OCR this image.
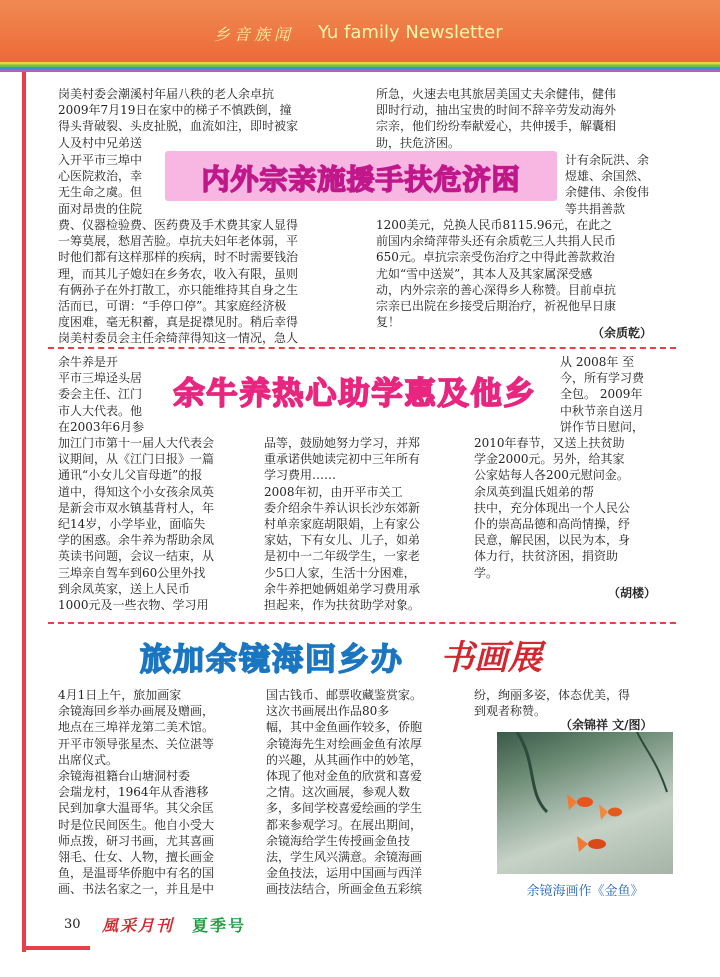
乡音族闻 Yu family Newsletter

岗美村委会潮溪村年届八秩的老人余卓抗
2009年7月19日在家中的梯子不慎跌倒，撞
得头背破裂、头皮扯脱，血流如注，即时被家
人及村中兄弟送

入开平市三埠中
心医院救治，幸
无生命之虞。但
面对昂贵的住院

费、仪器检验费、医药费及手术费其家人显得
一筹莫展，愁眉苦脸。卓抗夫妇年老体弱，平
时他们都有这样那样的疾病，时不时需要钱治
理，而其儿子媳妇在乡务农，收入有限，虽则
有俩孙子在外打散工，亦只能维持其自身之生
活而已，可谓：“手停口停”。其家庭经济极
度困难，毫无积蓄，真是捉襟见肘。稍后幸得
岗美村委员会主任余绮萍得知这一情况，急人

所急，火速去电其旅居美国丈夫余健伟，健伟
即时行动，抽出宝贵的时间不辞辛劳发动海外
宗亲，他们纷纷奉献爱心，共伸援手，解囊相
助，扶危济困。

计有余阮洪、余
煜雄、余国然、
余健伟、余俊伟
等共捐善款

1200美元，兑换人民币8115.96元，在此之
前国内余绮萍带头还有余质乾三人共捐人民币
650元。卓抗宗亲受伤治疗之中得此善款救治
尤如“雪中送炭”，其本人及其家属深受感
动，内外宗亲的善心深得乡人称赞。目前卓抗
宗亲已出院在乡接受后期治疗，祈祝他早日康
复！

内外宗亲施援手扶危济困
（余质乾）

余牛养是开
平市三埠迳头居
委会主任、江门
市人大代表。他
在2003年6月参

加江门市第十一届人大代表会
议期间，从《江门日报》一篇
通讯“小女儿父盲母逝”的报
道中，得知这个小女孩余凤英
是新会市双水镇基背村人，年
纪14岁，小学毕业，面临失
学的困惑。余牛养为帮助余凤
英读书问题，会议一结束，从
三埠亲自驾车到60公里外找
到余凤英家，送上人民币
1000元及一些衣物、学习用

品等，鼓励她努力学习，并郑
重承诺供她读完初中三年所有
学习费用……
2008年初，由开平市关工
委介绍余牛养认识长沙东郊新
村单亲家庭胡限娟，上有家公
家姑，下有女儿、儿子，如弟
是初中一二年级学生，一家老
少5口人家，生活十分困难，
余牛养把她俩姐弟学习费用承
担起来，作为扶贫助学对象。

从 2008年 至
今，所有学习费
全包。 2009年
中秋节亲自送月
饼作节日慰问，

2010年春节，又送上扶贫助
学金2000元。另外，给其家
公家姑每人各200元慰问金。
余凤英到温氏姐弟的帮
扶中，充分体现出一个人民公
仆的崇高品德和高尚情操，纾
民意，解民困，以民为本，身
体力行，扶贫济困，捐资助
学。

余牛养热心助学惠及他乡
（胡楼）
旅加余镜海回乡办	书画展

4月1日上午，旅加画家
余镜海回乡举办画展及赠画，
地点在三埠祥龙第二美术馆。
开平市领导张星杰、关位湛等
出席仪式。
余镜海祖籍台山塘洞村委
会瑞龙村，1964年从香港移
民到加拿大温哥华。其父余匡
时是位民间医生。他自小受大
师点拨，研习书画，尤其喜画
翎毛、仕女、人物，擅长画金
鱼，是温哥华侨胞中有名的国
画、书法名家之一，并且是中

国古钱币、邮票收藏鉴赏家。
这次书画展出作品80多
幅，其中金鱼画作较多，侨胞
余镜海先生对绘画金鱼有浓厚
的兴趣，从其画作中的妙笔，
体现了他对金鱼的欣赏和喜爱
之情。这次画展，参观人数
多，多间学校喜爱绘画的学生
都来参观学习。在展出期间，
余镜海给学生传授画金鱼技
法，学生风兴满意。余镜海画
金鱼技法，运用中国画与西洋
画技法结合，所画金鱼五彩缤

纷，绚丽多姿，体态优美，得
到观者称赞。

（余锦祥 文/图）
余镜海画作《金鱼》
30 風采月刊 夏季号
